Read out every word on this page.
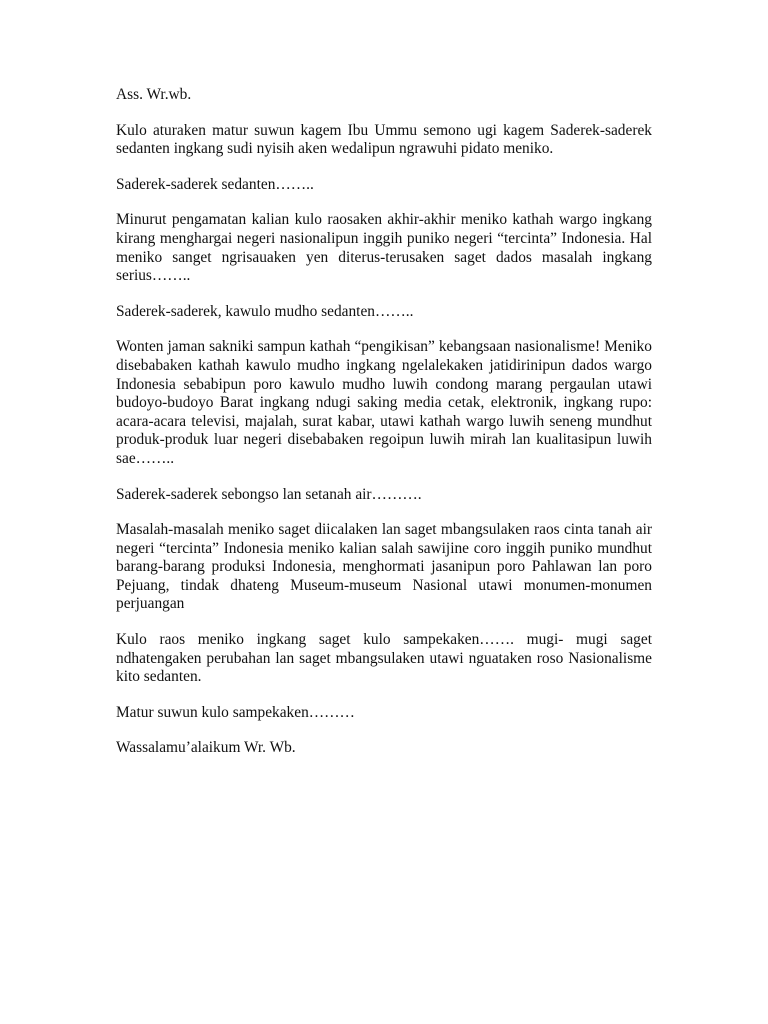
Ass. Wr.wb.

Kulo aturaken matur suwun kagem Ibu Ummu semono ugi kagem Saderek-saderek sedanten ingkang sudi nyisih aken wedalipun ngrawuhi pidato meniko.

Saderek-saderek sedanten……..

Minurut pengamatan kalian kulo raosaken akhir-akhir meniko kathah wargo ingkang kirang menghargai negeri nasionalipun inggih puniko negeri “tercinta” Indonesia. Hal meniko sanget ngrisauaken yen diterus-terusaken saget dados masalah ingkang serius……..

Saderek-saderek, kawulo mudho sedanten……..

Wonten jaman sakniki sampun kathah “pengikisan” kebangsaan nasionalisme! Meniko disebabaken kathah kawulo mudho ingkang ngelalekaken jatidirinipun dados wargo Indonesia sebabipun poro kawulo mudho luwih condong marang pergaulan utawi budoyo-budoyo Barat ingkang ndugi saking media cetak, elektronik, ingkang rupo: acara-acara televisi, majalah, surat kabar, utawi kathah wargo luwih seneng mundhut produk-produk luar negeri disebabaken regoipun luwih mirah lan kualitasipun luwih sae……..

Saderek-saderek sebongso lan setanah air……….

Masalah-masalah meniko saget diicalaken lan saget mbangsulaken raos cinta tanah air negeri “tercinta” Indonesia meniko kalian salah sawijine coro inggih puniko mundhut barang-barang produksi Indonesia, menghormati jasanipun poro Pahlawan lan poro Pejuang, tindak dhateng Museum-museum Nasional utawi monumen-monumen perjuangan

Kulo raos meniko ingkang saget kulo sampekaken……. mugi- mugi saget ndhatengaken perubahan lan saget mbangsulaken utawi nguataken roso Nasionalisme kito sedanten.

Matur suwun kulo sampekaken………

Wassalamu’alaikum Wr. Wb.
